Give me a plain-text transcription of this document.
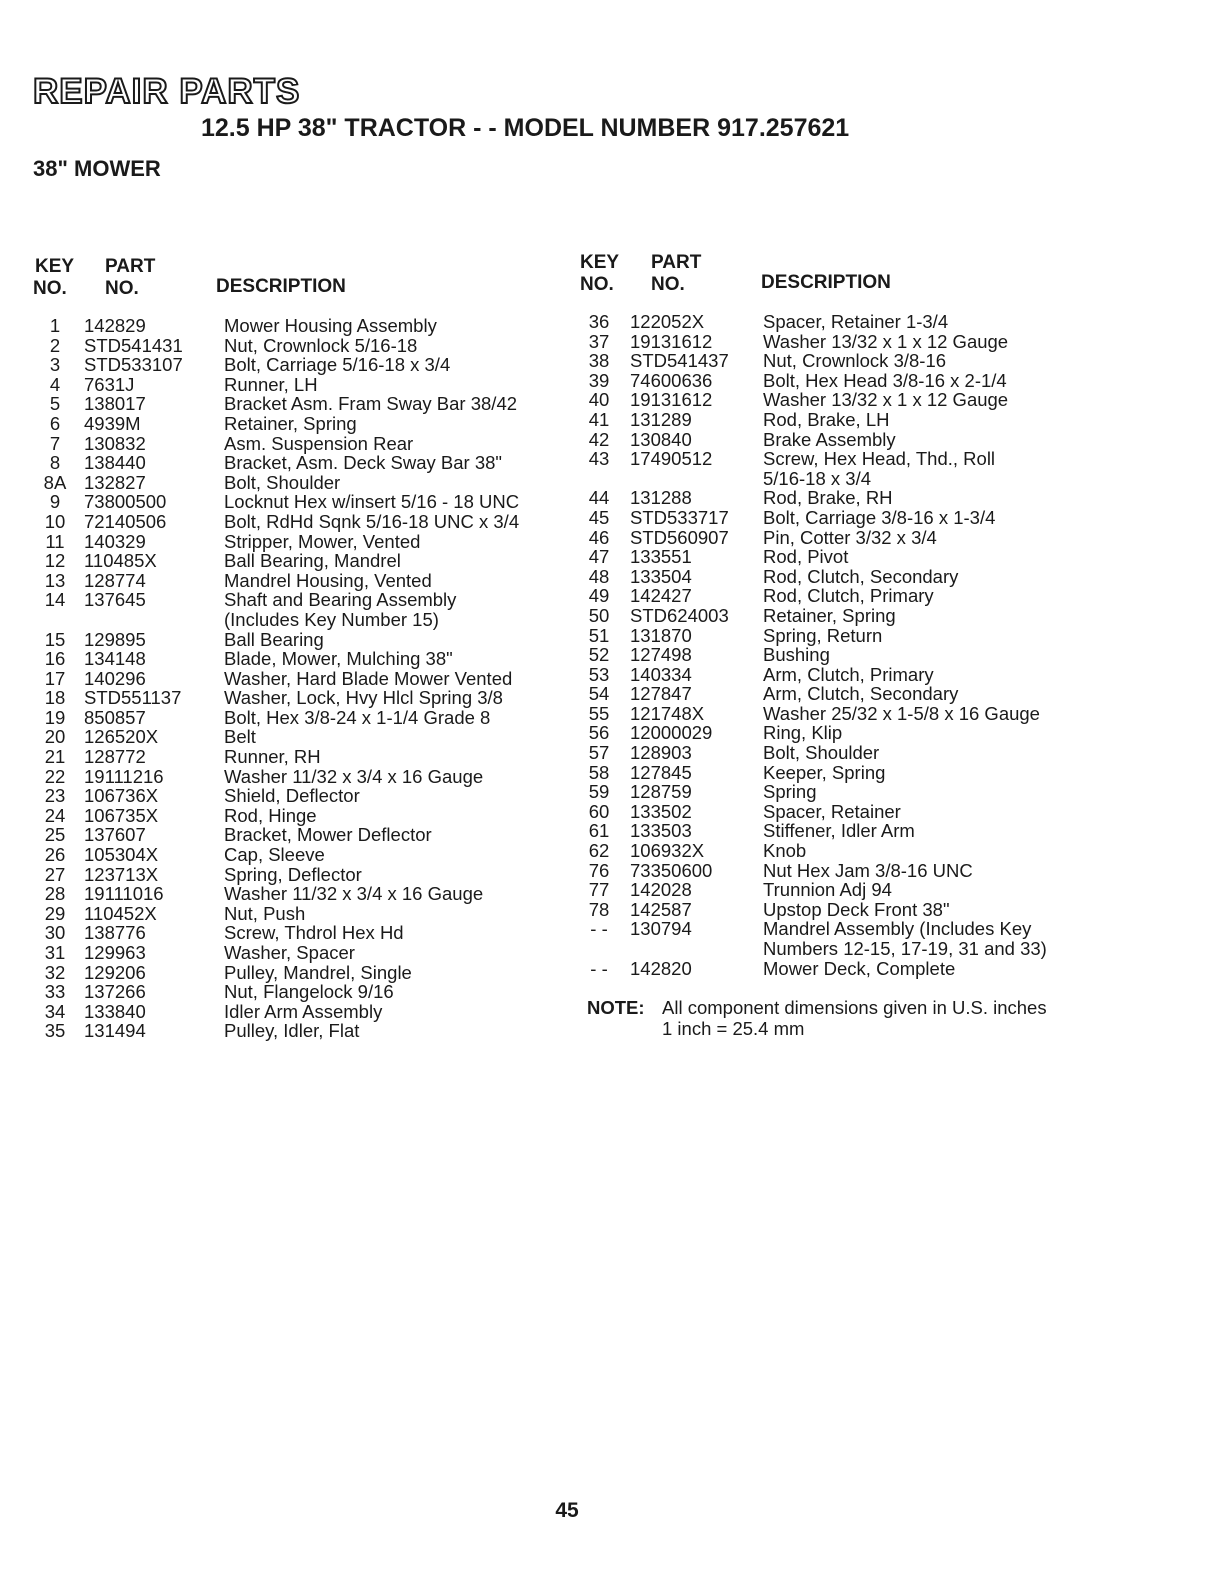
REPAIR PARTS
12.5 HP 38" TRACTOR - - MODEL NUMBER 917.257621
38" MOWER
KEY PART
NO. NO.	DESCRIPTION
1	142829	Mower Housing Assembly
2	STD541431	Nut, Crownlock 5/16-18
3	STD533107	Bolt, Carriage 5/16-18 x 3/4
4	7631J	Runner, LH
5	138017	Bracket Asm. Fram Sway Bar 38/42
6	4939M	Retainer, Spring
7	130832	Asm. Suspension Rear
8	138440	Bracket, Asm. Deck Sway Bar 38"
8A	132827	Bolt, Shoulder
9	73800500	Locknut Hex w/insert 5/16 - 18 UNC
10	72140506	Bolt, RdHd Sqnk 5/16-18 UNC x 3/4
11	140329	Stripper, Mower, Vented
12	110485X	Ball Bearing, Mandrel
13	128774	Mandrel Housing, Vented
14	137645	Shaft and Bearing Assembly
		(Includes Key Number 15)
15	129895	Ball Bearing
16	134148	Blade, Mower, Mulching 38"
17	140296	Washer, Hard Blade Mower Vented
18	STD551137	Washer, Lock, Hvy Hlcl Spring 3/8
19	850857	Bolt, Hex 3/8-24 x 1-1/4 Grade 8
20	126520X	Belt
21	128772	Runner, RH
22	19111216	Washer 11/32 x 3/4 x 16 Gauge
23	106736X	Shield, Deflector
24	106735X	Rod, Hinge
25	137607	Bracket, Mower Deflector
26	105304X	Cap, Sleeve
27	123713X	Spring, Deflector
28	19111016	Washer 11/32 x 3/4 x 16 Gauge
29	110452X	Nut, Push
30	138776	Screw, Thdrol Hex Hd
31	129963	Washer, Spacer
32	129206	Pulley, Mandrel, Single
33	137266	Nut, Flangelock 9/16
34	133840	Idler Arm Assembly
35	131494	Pulley, Idler, Flat
KEY PART
NO. NO.	DESCRIPTION
36	122052X	Spacer, Retainer 1-3/4
37	19131612	Washer 13/32 x 1 x 12 Gauge
38	STD541437	Nut, Crownlock 3/8-16
39	74600636	Bolt, Hex Head 3/8-16 x 2-1/4
40	19131612	Washer 13/32 x 1 x 12 Gauge
41	131289	Rod, Brake, LH
42	130840	Brake Assembly
43	17490512	Screw, Hex Head, Thd., Roll
		5/16-18 x 3/4
44	131288	Rod, Brake, RH
45	STD533717	Bolt, Carriage 3/8-16 x 1-3/4
46	STD560907	Pin, Cotter 3/32 x 3/4
47	133551	Rod, Pivot
48	133504	Rod, Clutch, Secondary
49	142427	Rod, Clutch, Primary
50	STD624003	Retainer, Spring
51	131870	Spring, Return
52	127498	Bushing
53	140334	Arm, Clutch, Primary
54	127847	Arm, Clutch, Secondary
55	121748X	Washer 25/32 x 1-5/8 x 16 Gauge
56	12000029	Ring, Klip
57	128903	Bolt, Shoulder
58	127845	Keeper, Spring
59	128759	Spring
60	133502	Spacer, Retainer
61	133503	Stiffener, Idler Arm
62	106932X	Knob
76	73350600	Nut Hex Jam 3/8-16 UNC
77	142028	Trunnion Adj 94
78	142587	Upstop Deck Front 38"
- -	130794	Mandrel Assembly (Includes Key
		Numbers 12-15, 17-19, 31 and 33)
- -	142820	Mower Deck, Complete
NOTE: All component dimensions given in U.S. inches
1 inch = 25.4 mm
45
